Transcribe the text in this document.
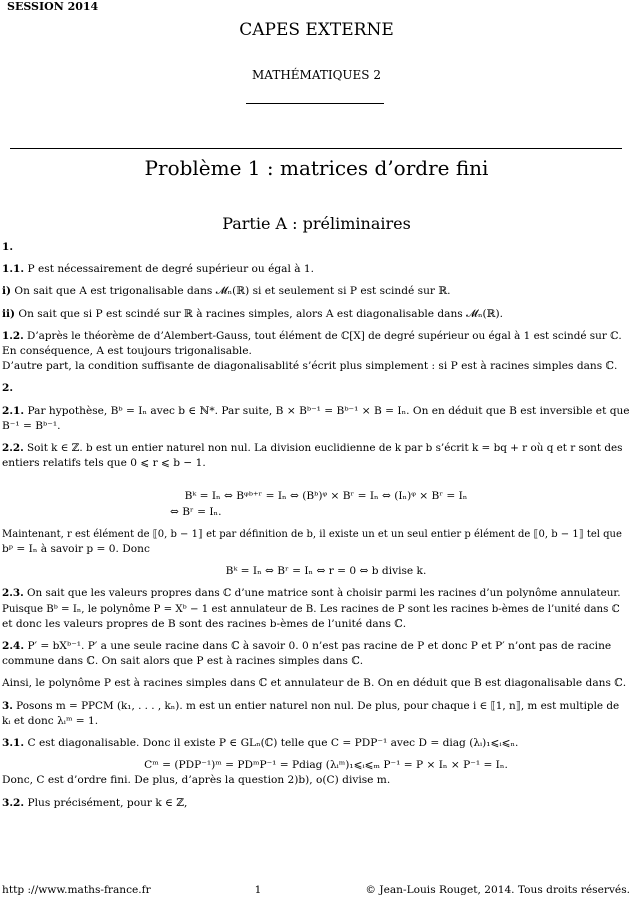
SESSION 2014
CAPES EXTERNE
MATHÉMATIQUES 2
Problème 1 : matrices d’ordre fini
Partie A : préliminaires

1.

1.1. P est nécessairement de degré supérieur ou égal à 1.

i) On sait que A est trigonalisable dans 𝓜ₙ(ℝ) si et seulement si P est scindé sur ℝ.

ii) On sait que si P est scindé sur ℝ à racines simples, alors A est diagonalisable dans 𝓜ₙ(ℝ).

1.2. D’après le théorème de d’Alembert-Gauss, tout élément de ℂ[X] de degré supérieur ou égal à 1 est scindé sur ℂ.

En conséquence, A est toujours trigonalisable.

D’autre part, la condition suffisante de diagonalisablité s’écrit plus simplement : si P est à racines simples dans ℂ.

2.

2.1. Par hypothèse, Bᵇ = Iₙ avec b ∈ ℕ*. Par suite, B × Bᵇ⁻¹ = Bᵇ⁻¹ × B = Iₙ. On en déduit que B est inversible et que

B⁻¹ = Bᵇ⁻¹.

2.2. Soit k ∈ ℤ. b est un entier naturel non nul. La division euclidienne de k par b s’écrit k = bq + r où q et r sont des

entiers relatifs tels que 0 ⩽ r ⩽ b − 1.

Bᵏ = Iₙ ⇔ Bᵠᵇ⁺ʳ = Iₙ ⇔ (Bᵇ)ᵠ × Bʳ = Iₙ ⇔ (Iₙ)ᵠ × Bʳ = Iₙ

⇔ Bʳ = Iₙ.

Maintenant, r est élément de ⟦0, b − 1⟧ et par définition de b, il existe un et un seul entier p élément de ⟦0, b − 1⟧ tel que

bᵖ = Iₙ à savoir p = 0. Donc

Bᵏ = Iₙ ⇔ Bʳ = Iₙ ⇔ r = 0 ⇔ b divise k.

2.3. On sait que les valeurs propres dans ℂ d’une matrice sont à choisir parmi les racines d’un polynôme annulateur.

Puisque Bᵇ = Iₙ, le polynôme P = Xᵇ − 1 est annulateur de B. Les racines de P sont les racines b-èmes de l’unité dans ℂ

et donc les valeurs propres de B sont des racines b-èmes de l’unité dans ℂ.

2.4. P′ = bXᵇ⁻¹. P′ a une seule racine dans ℂ à savoir 0. 0 n’est pas racine de P et donc P et P′ n’ont pas de racine

commune dans ℂ. On sait alors que P est à racines simples dans ℂ.

Ainsi, le polynôme P est à racines simples dans ℂ et annulateur de B. On en déduit que B est diagonalisable dans ℂ.

3. Posons m = PPCM (k₁, . . . , kₙ). m est un entier naturel non nul. De plus, pour chaque i ∈ ⟦1, n⟧, m est multiple de

kᵢ et donc λᵢᵐ = 1.

3.1. C est diagonalisable. Donc il existe P ∈ GLₙ(ℂ) telle que C = PDP⁻¹ avec D = diag (λᵢ)₁⩽ᵢ⩽ₙ.

Cᵐ = (PDP⁻¹)ᵐ = PDᵐP⁻¹ = Pdiag (λᵢᵐ)₁⩽ᵢ⩽ₘ P⁻¹ = P × Iₙ × P⁻¹ = Iₙ.

Donc, C est d’ordre fini. De plus, d’après la question 2)b), o(C) divise m.

3.2. Plus précisément, pour k ∈ ℤ,

http ://www.maths-france.fr	1	© Jean-Louis Rouget, 2014. Tous droits réservés.
